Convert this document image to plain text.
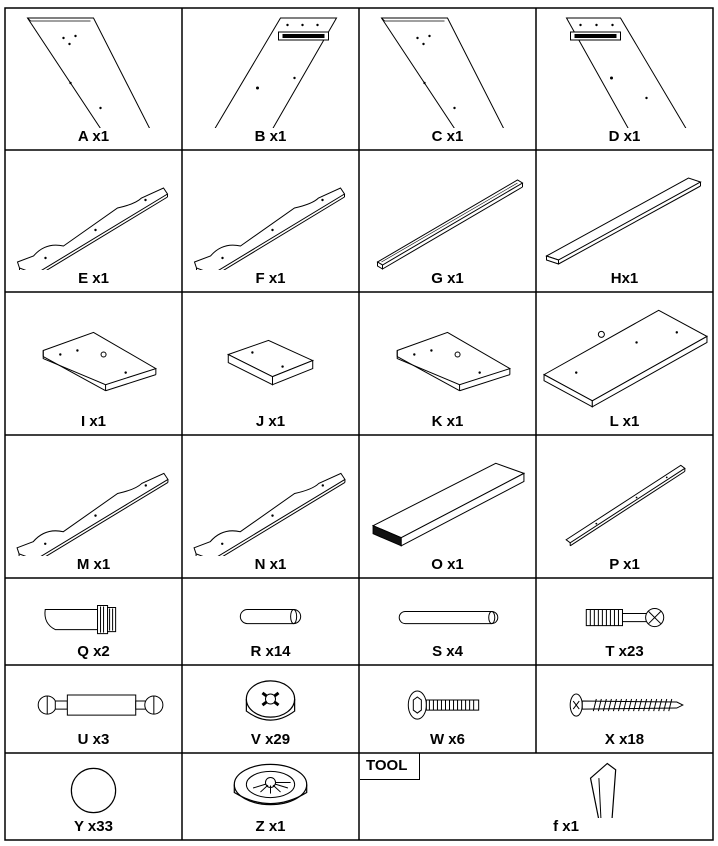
A x1	B x1	C x1	D x1
E x1	F x1	G x1	Hx1
I x1	J x1	K x1	L x1
M x1	N x1	O x1	P x1
Q x2	R x14	S x4	T x23
U x3	V x29	W x6	X x18
Y x33	Z x1	f x1
TOOL
